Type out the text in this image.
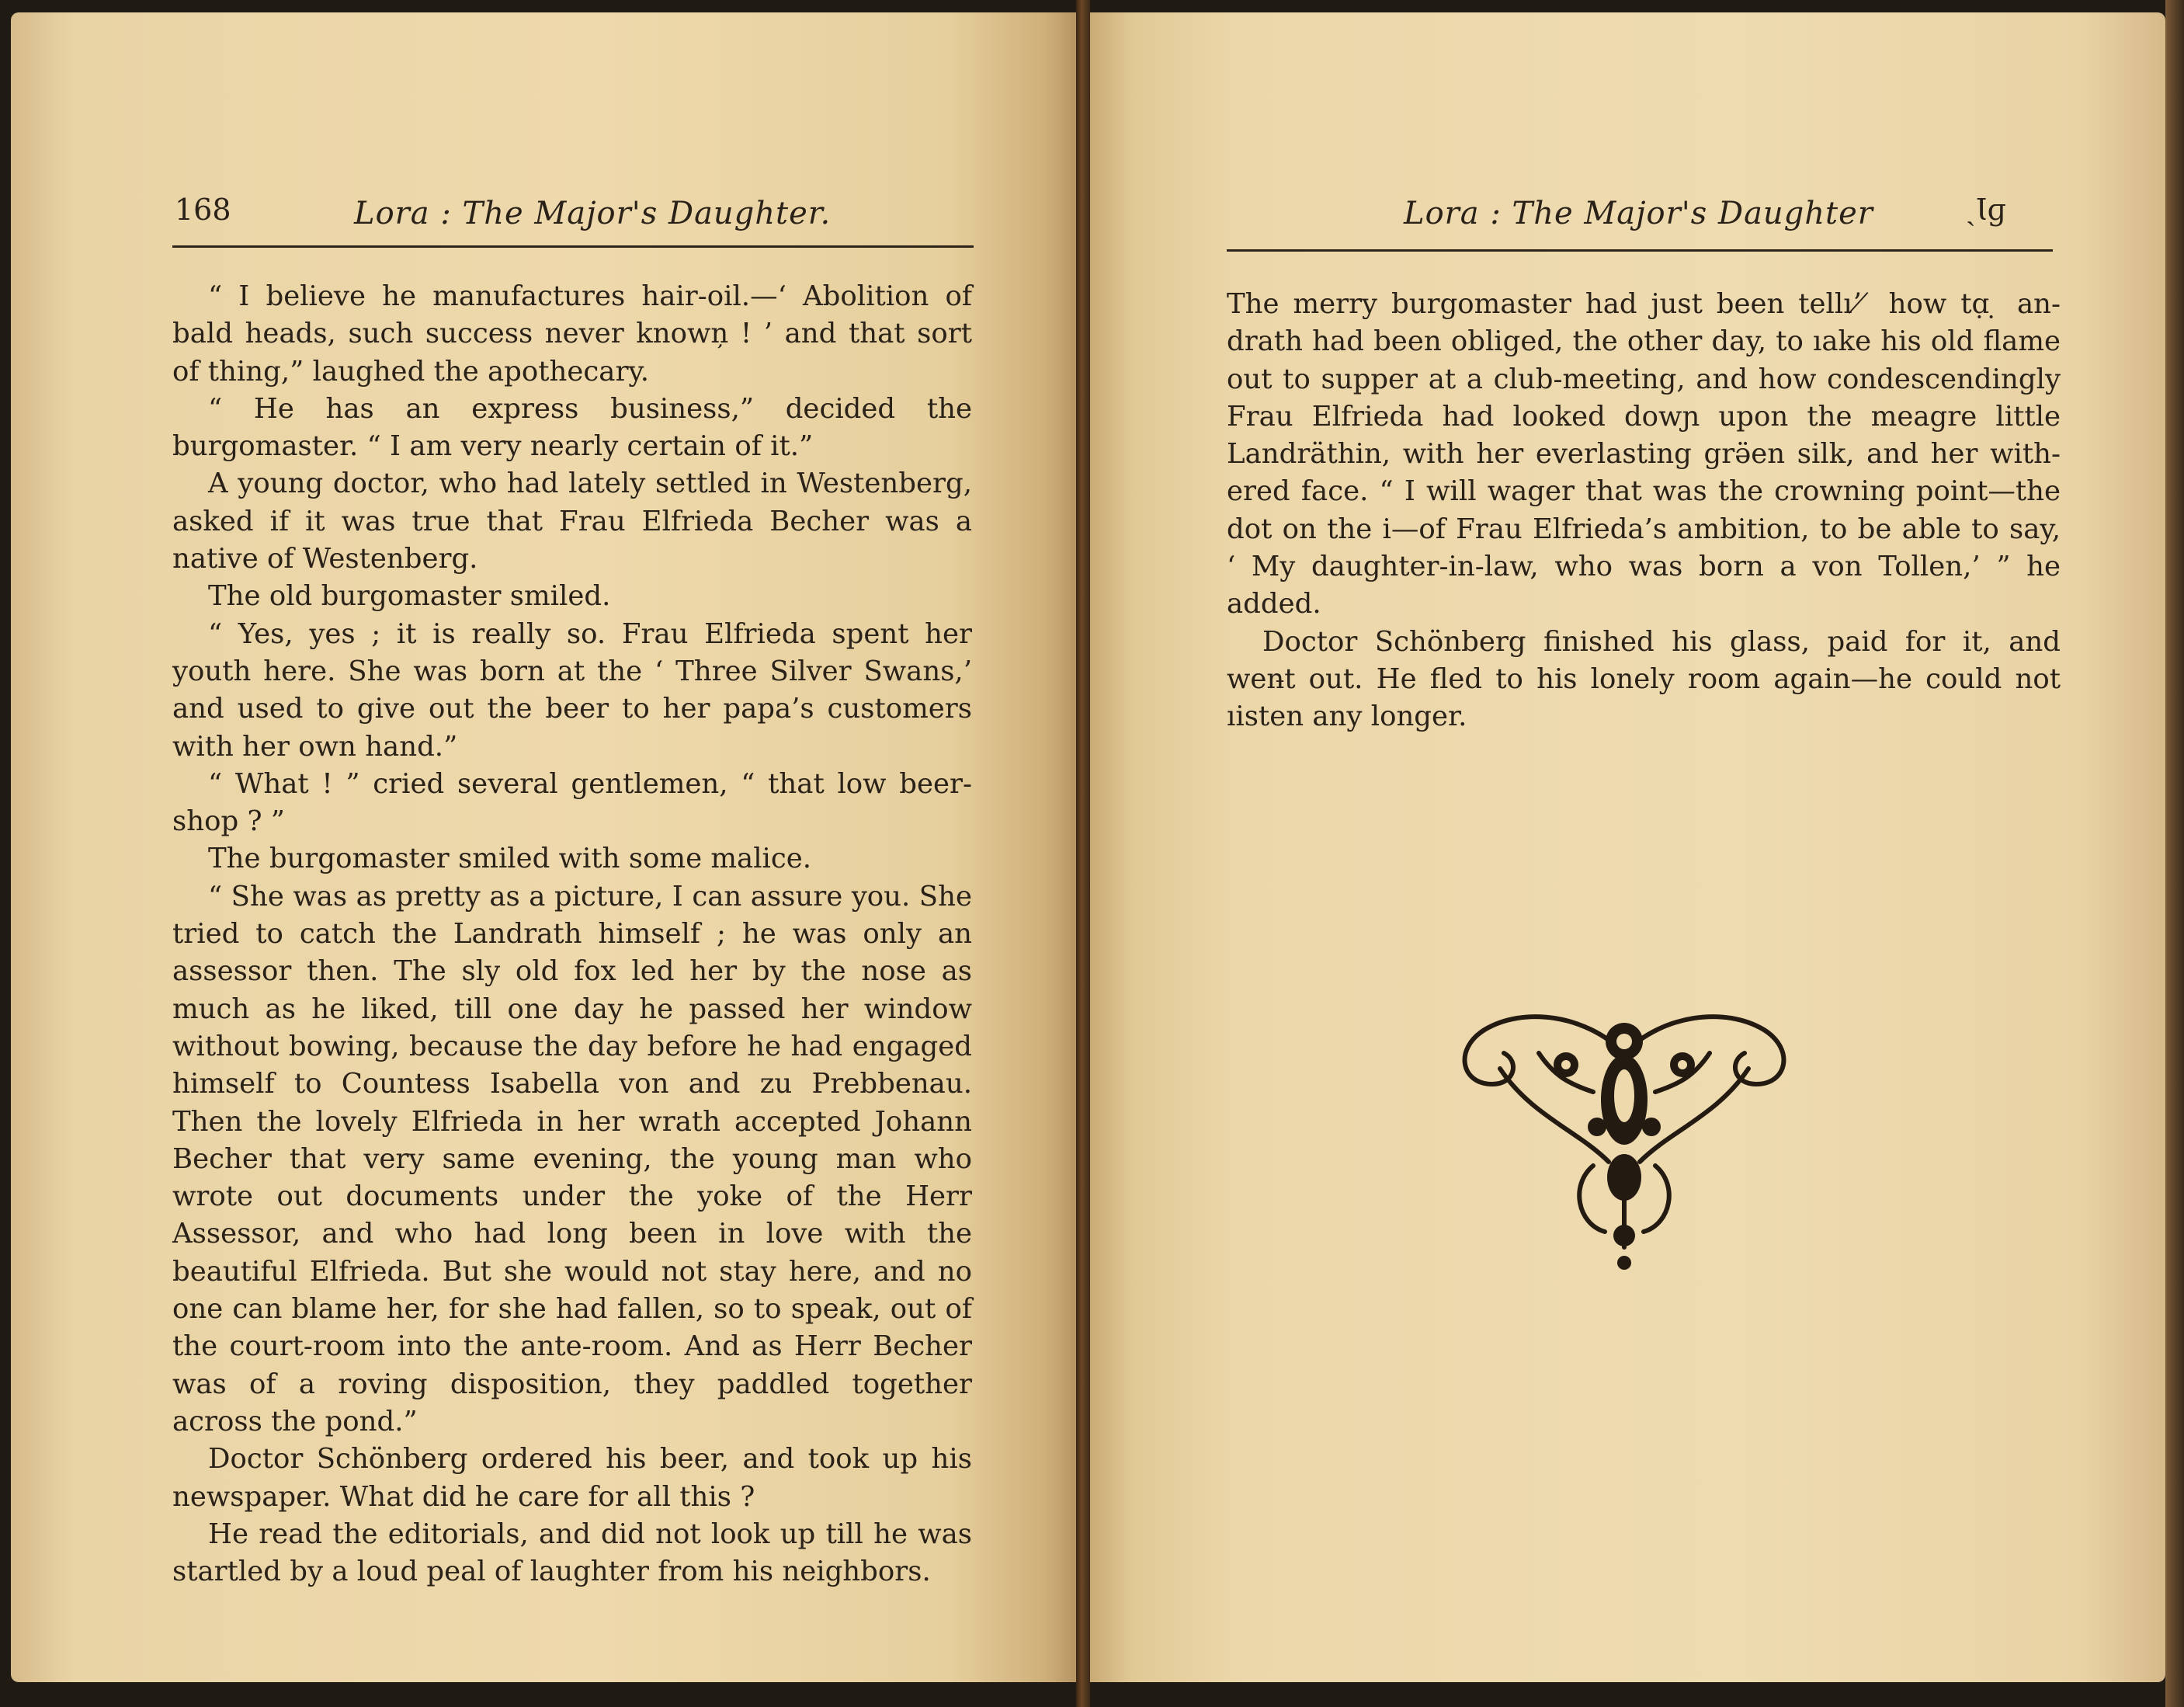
168	Lora : The Major's Daughter.

“ I believe he manufactures hair-oil.—‘ Abolition of bald heads, such success never knowņ ! ’ and that sort of thing,” laughed the apothecary.

“ He has an express business,” decided the burgomaster. “ I am very nearly certain of it.”

A young doctor, who had lately settled in Westenberg, asked if it was true that Frau Elfrieda Becher was a native of Westenberg.

The old burgomaster smiled.

“ Yes, yes ; it is really so. Frau Elfrieda spent her youth here. She was born at the ‘ Three Silver Swans,’ and used to give out the beer to her papa’s customers with her own hand.”

“ What ! ” cried several gentlemen, “ that low beer-shop ? ”

The burgomaster smiled with some malice.

“ She was as pretty as a picture, I can assure you. She tried to catch the Landrath himself ; he was only an assessor then. The sly old fox led her by the nose as much as he liked, till one day he passed her window without bowing, because the day before he had engaged himself to Countess Isabella von and zu Prebbenau. Then the lovely Elfrieda in her wrath accepted Johann Becher that very same evening, the young man who wrote out documents under the yoke of the Herr Assessor, and who had long been in love with the beautiful Elfrieda. But she would not stay here, and no one can blame her, for she had fallen, so to speak, out of the court-room into the ante-room. And as Herr Becher was of a roving disposition, they paddled together across the pond.”

Doctor Schönberg ordered his beer, and took up his newspaper. What did he care for all this ?

He read the editorials, and did not look up till he was startled by a loud peal of laughter from his neighbors.

Lora : The Major's Daughter	ˎƖɡ

The merry burgomaster had just been tellıʼ ̸ how tɑ̣ ̣ an-drath had been obliged, the other day, to ıake his old flame out to supper at a club-meeting, and how condescendingly Frau Elfrieda had looked dowɲ upon the meagre little Landräthin, with her everlasting grə̈en silk, and her with-ered face. “ I will wager that was the crowning point—the dot on the i—of Frau Elfrieda’s ambition, to be able to say, ‘ My daughter-in-law, who was born a von Tollen,’ ” he added.

Doctor Schönberg finished his glass, paid for it, and wen̵t out. He fled to his lonely room again—he could not ıisten any longer.
